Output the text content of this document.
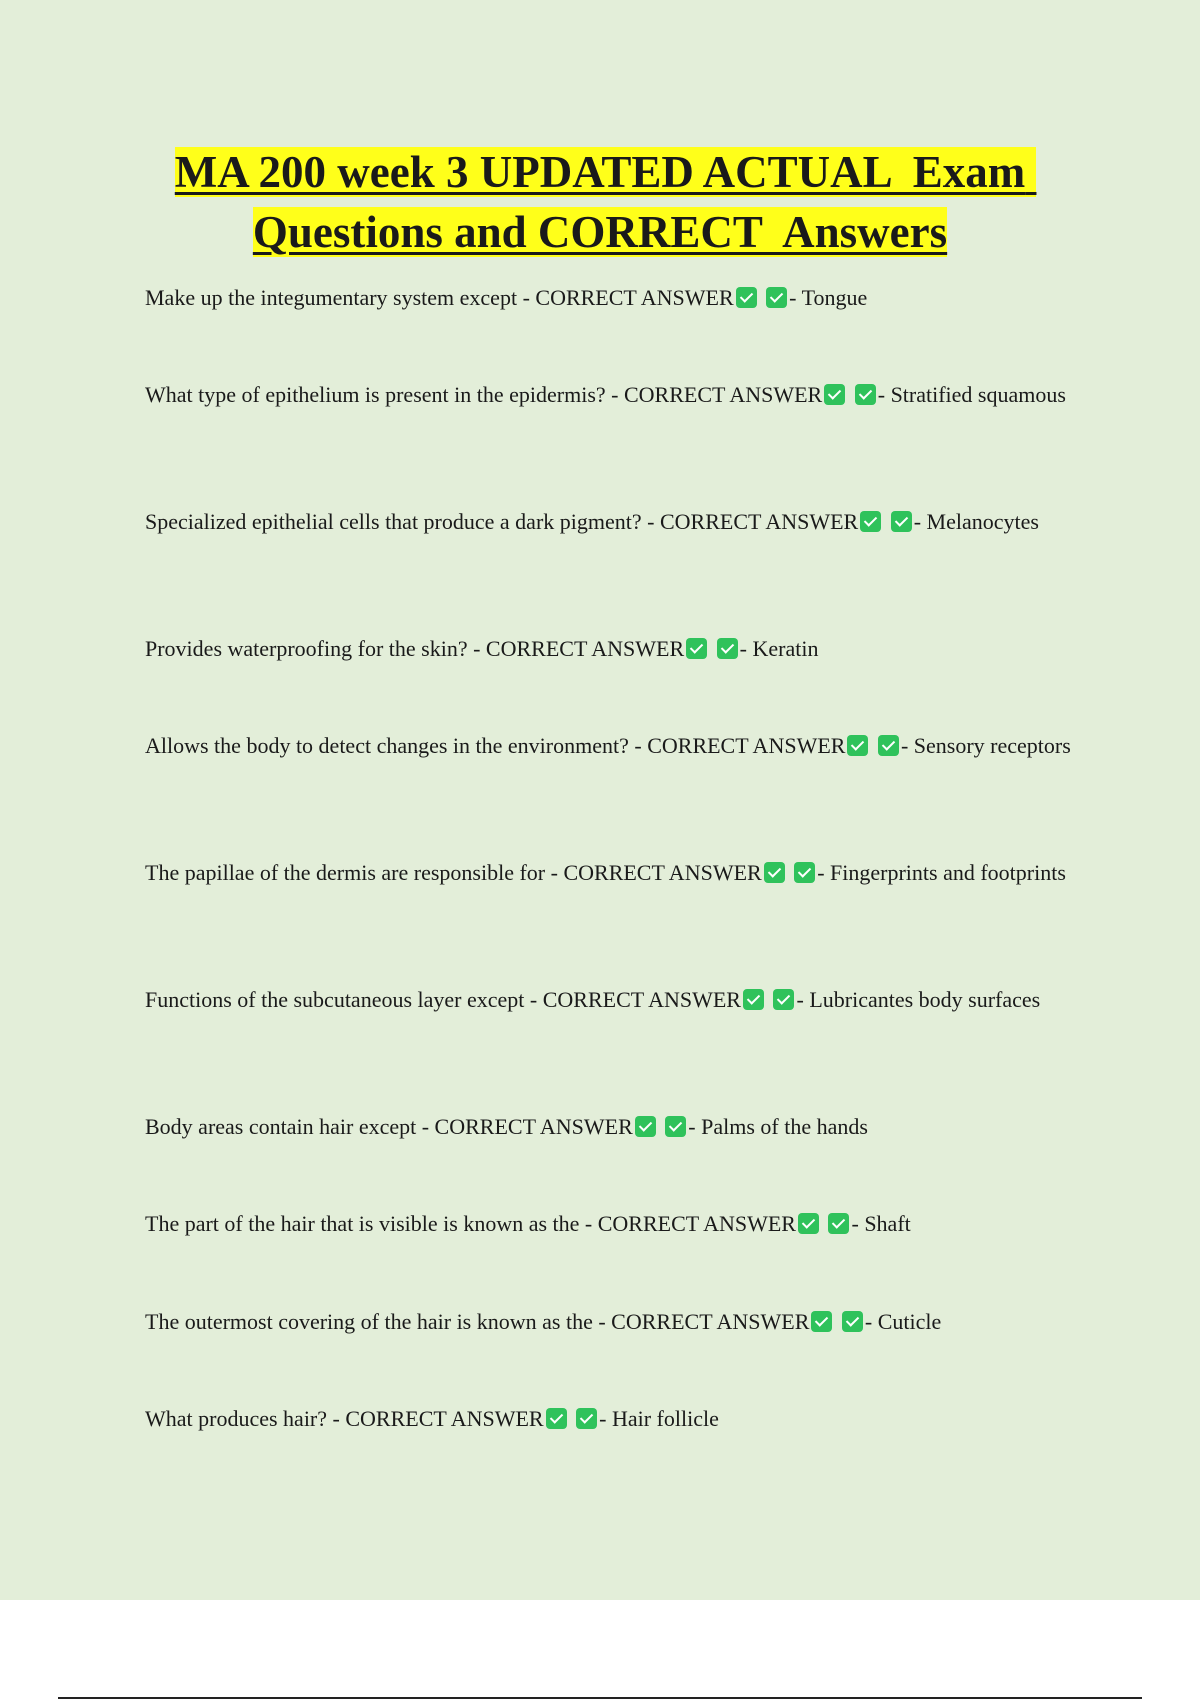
MA 200 week 3 UPDATED ACTUAL  Exam Questions and CORRECT  Answers

Make up the integumentary system except - CORRECT ANSWER	- Tongue

What type of epithelium is present in the epidermis? - CORRECT ANSWER	- Stratified squamous

Specialized epithelial cells that produce a dark pigment? - CORRECT ANSWER	- Melanocytes

Provides waterproofing for the skin? - CORRECT ANSWER	- Keratin

Allows the body to detect changes in the environment? - CORRECT ANSWER	- Sensory receptors

The papillae of the dermis are responsible for - CORRECT ANSWER	- Fingerprints and footprints

Functions of the subcutaneous layer except - CORRECT ANSWER	- Lubricantes body surfaces

Body areas contain hair except - CORRECT ANSWER	- Palms of the hands

The part of the hair that is visible is known as the - CORRECT ANSWER	- Shaft

The outermost covering of the hair is known as the - CORRECT ANSWER	- Cuticle

What produces hair? - CORRECT ANSWER	- Hair follicle
